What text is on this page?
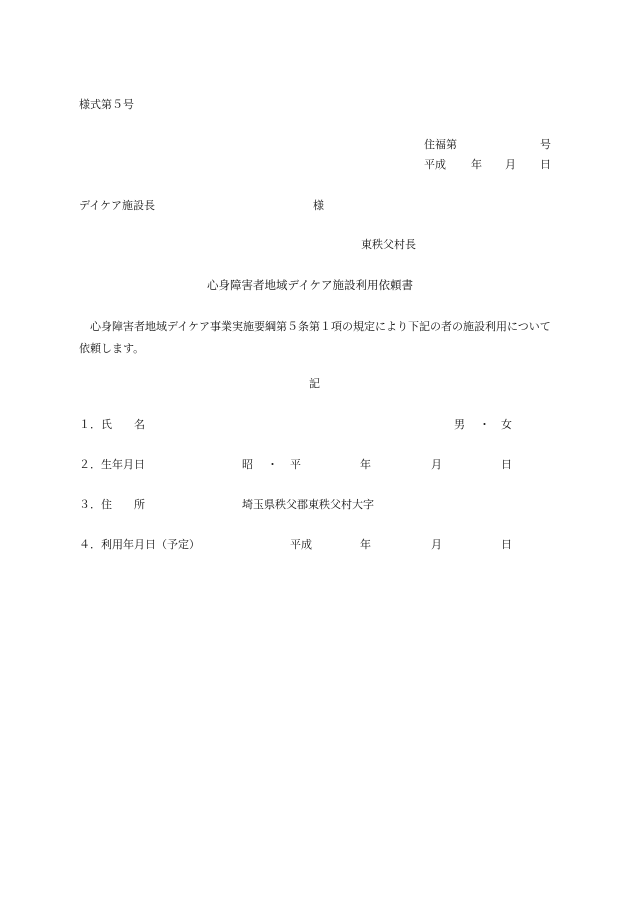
様式第５号
住福第	号
平成 年 月 日
デイケア施設長	様
東秩父村長
心身障害者地域デイケア施設利用依頼書
心身障害者地域デイケア事業実施要綱第５条第１項の規定により下記の者の施設利用について依頼します。
記
１．氏　　名	男 ・ 女
２．生年月日	昭 ・ 平	年	月	日
３．住　　所	埼玉県秩父郡東秩父村大字
４．利用年月日（予定）	平成	年	月	日
